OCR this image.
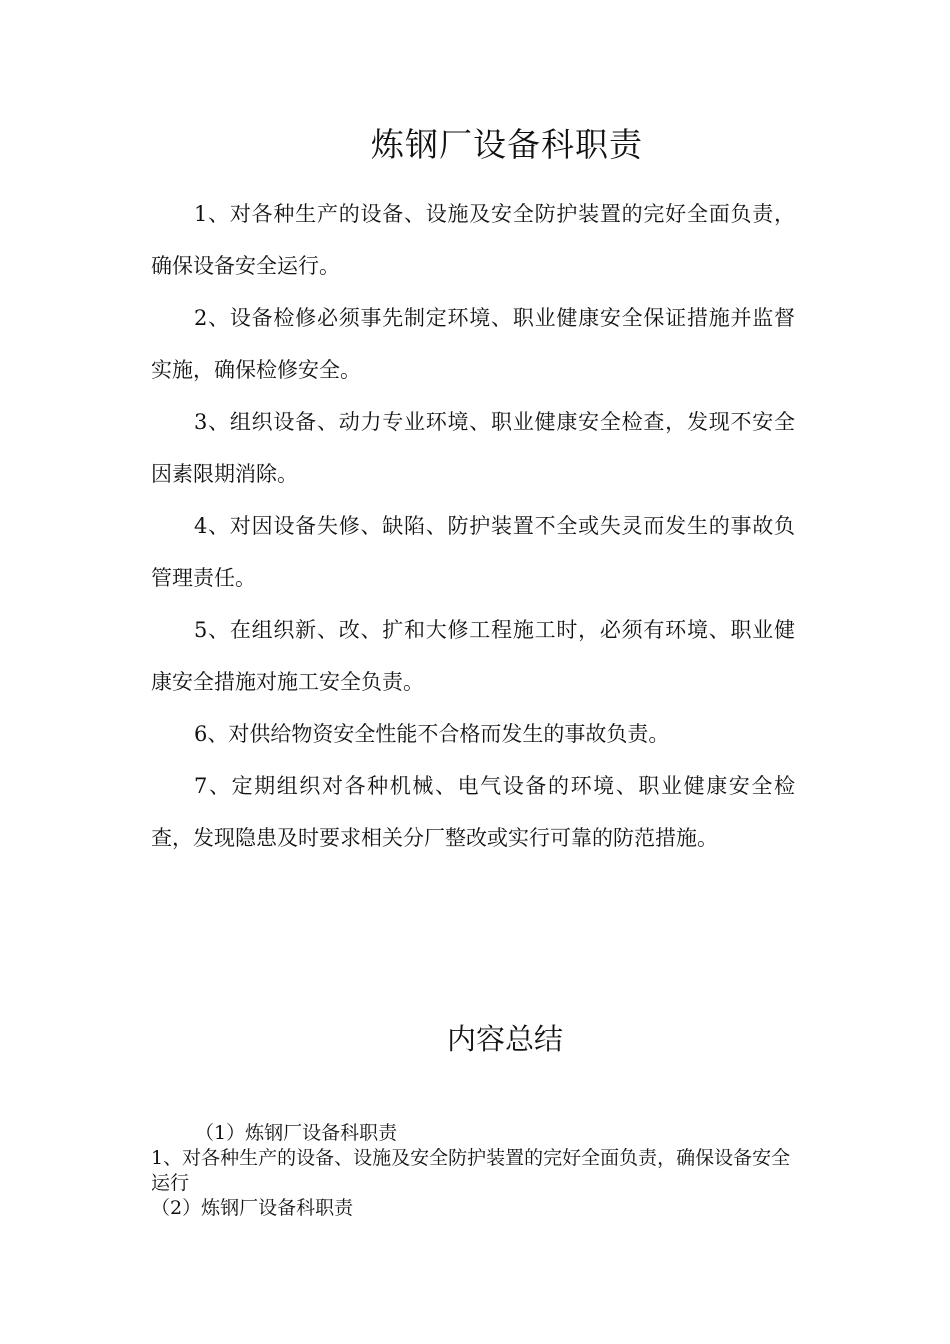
炼钢厂设备科职责

1、对各种生产的设备、设施及安全防护装置的完好全面负责，确保设备安全运行。

2、设备检修必须事先制定环境、职业健康安全保证措施并监督实施，确保检修安全。

3、组织设备、动力专业环境、职业健康安全检查，发现不安全因素限期消除。

4、对因设备失修、缺陷、防护装置不全或失灵而发生的事故负管理责任。

5、在组织新、改、扩和大修工程施工时，必须有环境、职业健康安全措施对施工安全负责。

6、对供给物资安全性能不合格而发生的事故负责。

7、定期组织对各种机械、电气设备的环境、职业健康安全检查，发现隐患及时要求相关分厂整改或实行可靠的防范措施。

内容总结

（1）炼钢厂设备科职责

1、对各种生产的设备、设施及安全防护装置的完好全面负责，确保设备安全运行

（2）炼钢厂设备科职责
